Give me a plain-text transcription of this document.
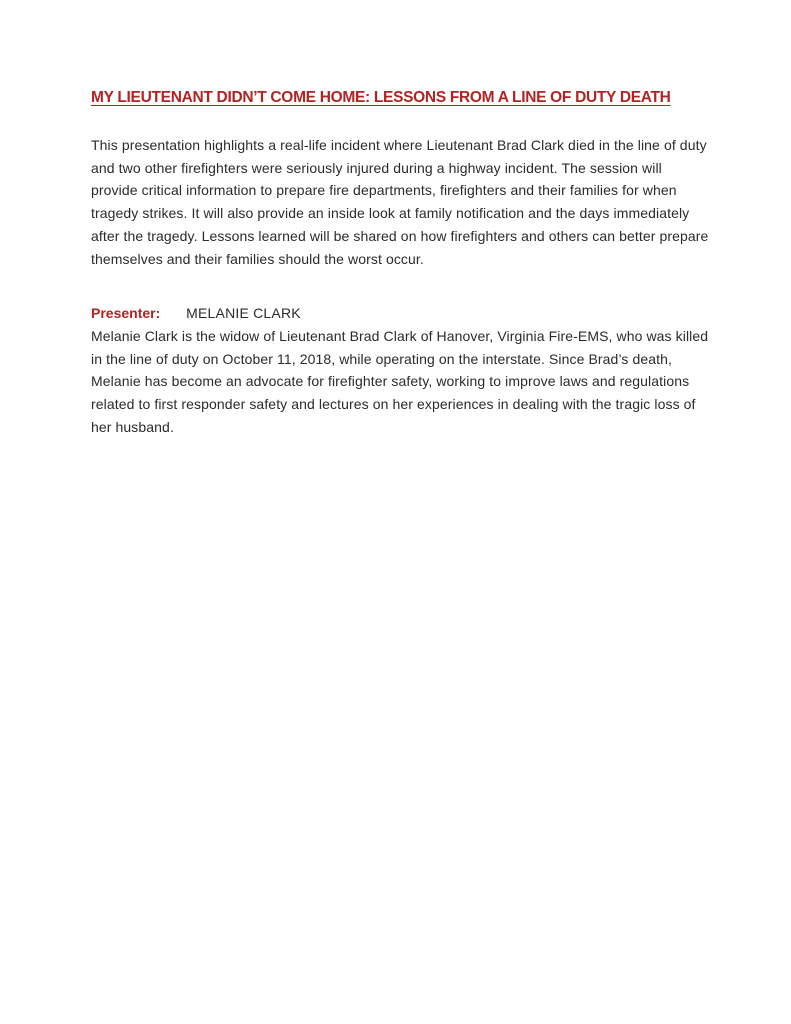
MY LIEUTENANT DIDN’T COME HOME: LESSONS FROM A LINE OF DUTY DEATH

This presentation highlights a real-life incident where Lieutenant Brad Clark died in the line of duty and two other firefighters were seriously injured during a highway incident. The session will provide critical information to prepare fire departments, firefighters and their families for when tragedy strikes. It will also provide an inside look at family notification and the days immediately after the tragedy. Lessons learned will be shared on how firefighters and others can better prepare themselves and their families should the worst occur.

Presenter: MELANIE CLARK

Melanie Clark is the widow of Lieutenant Brad Clark of Hanover, Virginia Fire-EMS, who was killed in the line of duty on October 11, 2018, while operating on the interstate. Since Brad’s death, Melanie has become an advocate for firefighter safety, working to improve laws and regulations related to first responder safety and lectures on her experiences in dealing with the tragic loss of her husband.
